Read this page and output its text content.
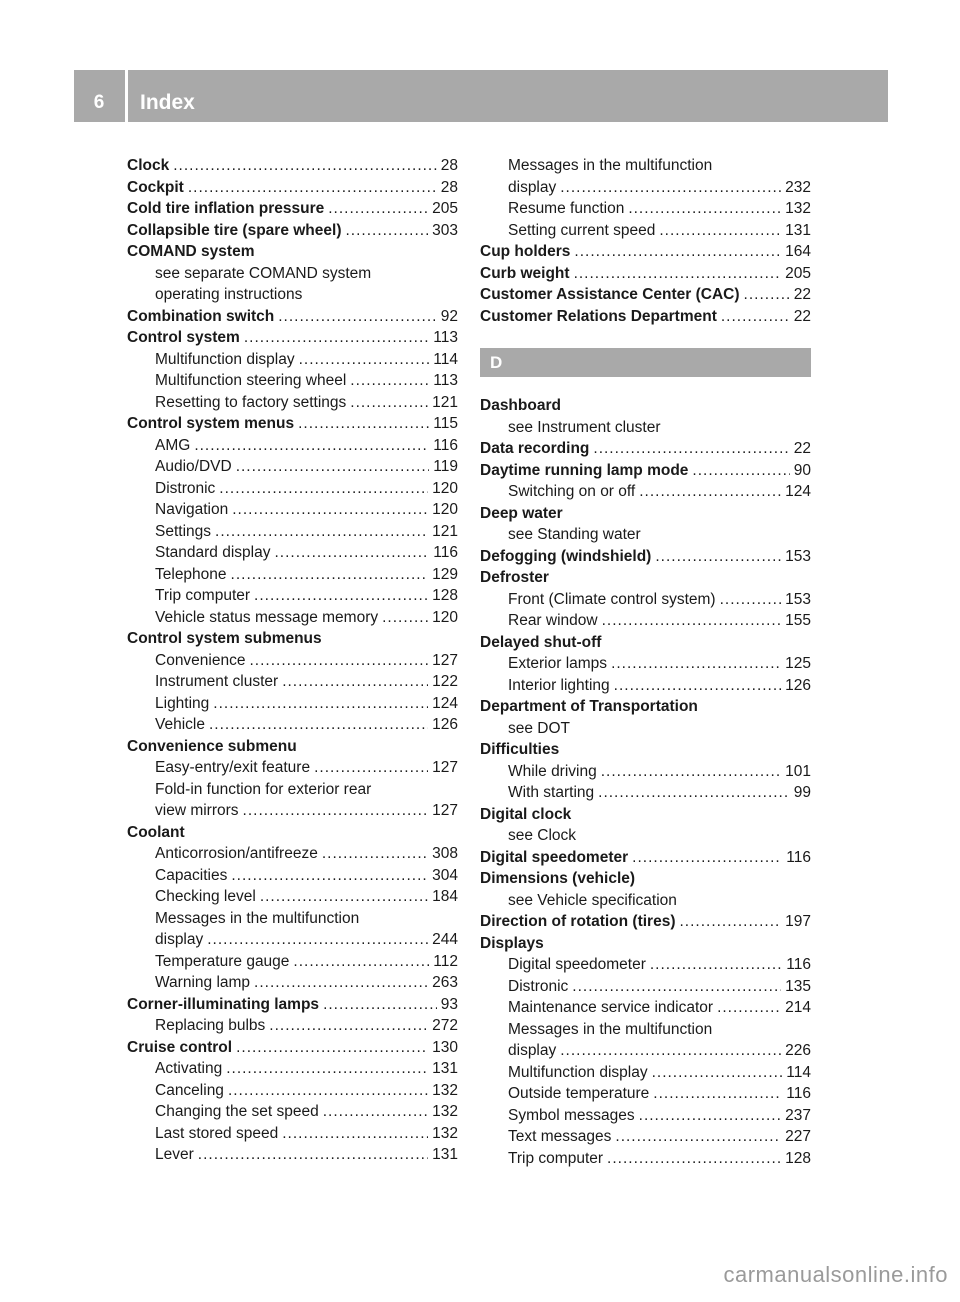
6	Index
Clock .....	28
Cockpit .....	28
Cold tire inflation pressure .....	205
Collapsible tire (spare wheel) .....	303
COMAND system
see separate COMAND system
operating instructions
Combination switch .....	92
Control system .....	113
Multifunction display .....	114
Multifunction steering wheel .....	113
Resetting to factory settings .....	121
Control system menus .....	115
AMG .....	116
Audio/DVD .....	119
Distronic .....	120
Navigation .....	120
Settings .....	121
Standard display .....	116
Telephone .....	129
Trip computer .....	128
Vehicle status message memory .....	120
Control system submenus
Convenience .....	127
Instrument cluster .....	122
Lighting .....	124
Vehicle .....	126
Convenience submenu
Easy-entry/exit feature .....	127
Fold-in function for exterior rear
view mirrors .....	127
Coolant
Anticorrosion/antifreeze .....	308
Capacities .....	304
Checking level .....	184
Messages in the multifunction
display .....	244
Temperature gauge .....	112
Warning lamp .....	263
Corner-illuminating lamps .....	93
Replacing bulbs .....	272
Cruise control .....	130
Activating .....	131
Canceling .....	132
Changing the set speed .....	132
Last stored speed .....	132
Lever .....	131
Messages in the multifunction
display .....	232
Resume function .....	132
Setting current speed .....	131
Cup holders .....	164
Curb weight .....	205
Customer Assistance Center (CAC) .....	22
Customer Relations Department .....	22
D
Dashboard
see Instrument cluster
Data recording .....	22
Daytime running lamp mode .....	90
Switching on or off .....	124
Deep water
see Standing water
Defogging (windshield) .....	153
Defroster
Front (Climate control system) .....	153
Rear window .....	155
Delayed shut-off
Exterior lamps .....	125
Interior lighting .....	126
Department of Transportation
see DOT
Difficulties
While driving .....	101
With starting .....	99
Digital clock
see Clock
Digital speedometer .....	116
Dimensions (vehicle)
see Vehicle specification
Direction of rotation (tires) .....	197
Displays
Digital speedometer .....	116
Distronic .....	135
Maintenance service indicator .....	214
Messages in the multifunction
display .....	226
Multifunction display .....	114
Outside temperature .....	116
Symbol messages .....	237
Text messages .....	227
Trip computer .....	128
carmanualsonline.info
